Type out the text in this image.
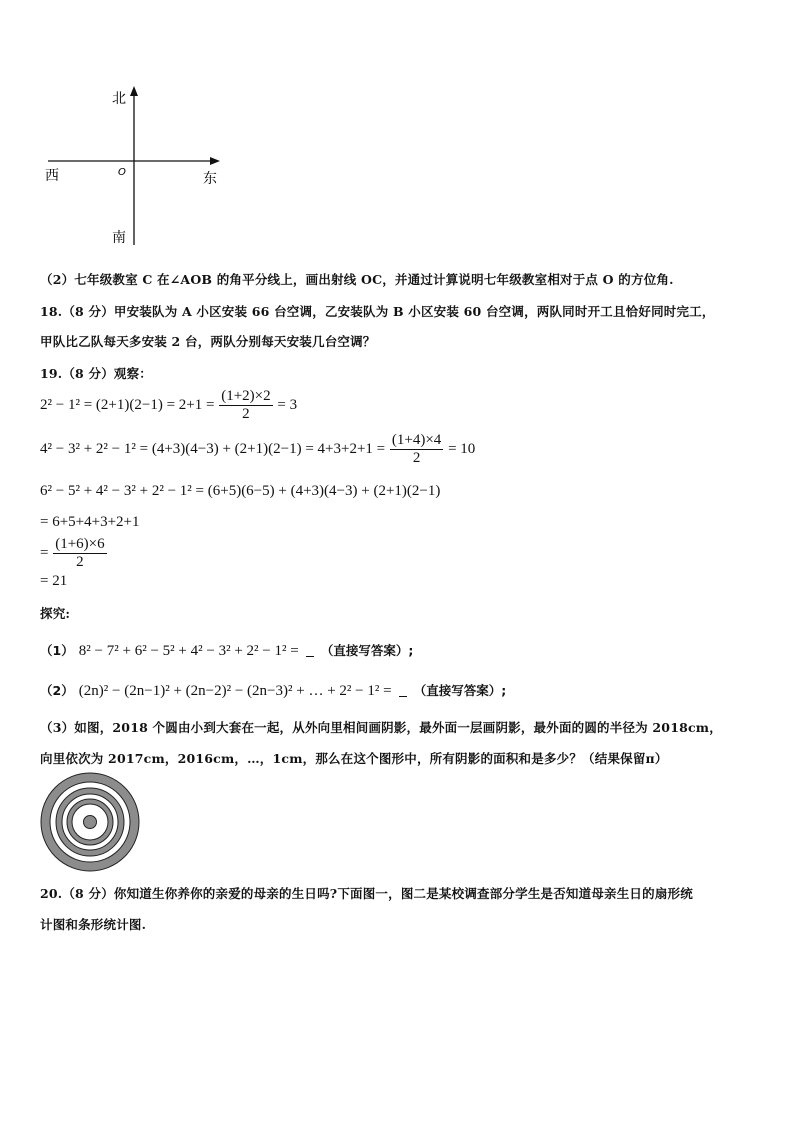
北
南
东
西	O
（2）七年级教室 C 在∠AOB 的角平分线上，画出射线 OC，并通过计算说明七年级教室相对于点 O 的方位角.
18.（8 分）甲安装队为 A 小区安装 66 台空调，乙安装队为 B 小区安装 60 台空调，两队同时开工且恰好同时完工，
甲队比乙队每天多安装 2 台，两队分别每天安装几台空调？
19.（8 分）观察：
$2^2 - 1^2 = (2+1)(2-1) = 2+1 = \frac{(1+2)\times 2}{2} = 3$
$4^2 - 3^2 + 2^2 - 1^2 = (4+3)(4-3) + (2+1)(2-1) = 4+3+2+1 = \frac{(1+4)\times 4}{2} = 10$
6² − 5² + 4² − 3² + 2² − 1² = (6+5)(6−5) + (4+3)(4−3) + (2+1)(2−1)
= 6+5+4+3+2+1
= $\frac{(1+6)\times 6}{2}$
= 21
探究:
（1） 8² − 7² + 6² − 5² + 4² − 3² + 2² − 1² = （直接写答案）;
（2） (2n)² − (2n−1)² + (2n−2)² − (2n−3)² + … + 2² − 1² = （直接写答案）;
（3）如图，2018 个圆由小到大套在一起，从外向里相间画阴影，最外面一层画阴影，最外面的圆的半径为 2018cm，
向里依次为 2017cm，2016cm，…，1cm，那么在这个图形中，所有阴影的面积和是多少？（结果保留π）
20.（8 分）你知道生你养你的亲爱的母亲的生日吗?下面图一，图二是某校调查部分学生是否知道母亲生日的扇形统
计图和条形统计图.
